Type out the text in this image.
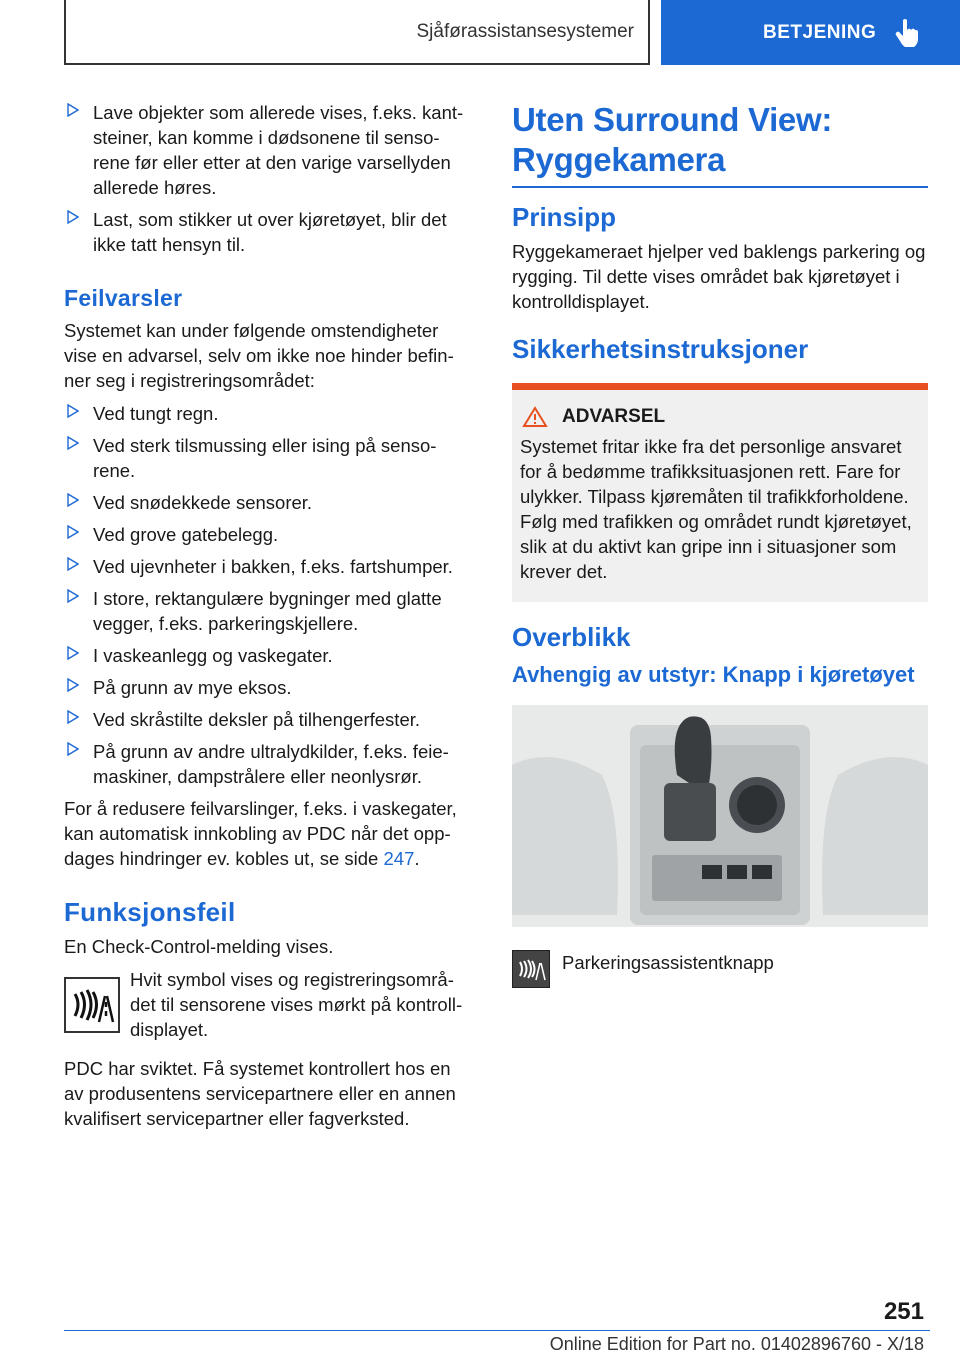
Sjåførassistansesystemer	BETJENING
Lave objekter som allerede vises, f.eks. kantsteiner, kan komme i dødsonene til sensorene før eller etter at den varige varsellyden allerede høres.
Last, som stikker ut over kjøretøyet, blir det ikke tatt hensyn til.
Feilvarsler

Systemet kan under følgende omstendigheter vise en advarsel, selv om ikke noe hinder befinner seg i registreringsområdet:

Ved tungt regn.
Ved sterk tilsmussing eller ising på sensorene.
Ved snødekkede sensorer.
Ved grove gatebelegg.
Ved ujevnheter i bakken, f.eks. fartshumper.
I store, rektangulære bygninger med glatte vegger, f.eks. parkeringskjellere.
I vaskeanlegg og vaskegater.
På grunn av mye eksos.
Ved skråstilte deksler på tilhengerfester.
På grunn av andre ultralydkilder, f.eks. feiemaskiner, dampstrålere eller neonlysrør.

For å redusere feilvarslinger, f.eks. i vaskegater, kan automatisk innkobling av PDC når det oppdages hindringer ev. kobles ut, se side 247.

Funksjonsfeil

En Check-Control-melding vises.

Hvit symbol vises og registreringsområdet til sensorene vises mørkt på kontrolldisplayet.

PDC har sviktet. Få systemet kontrollert hos en av produsentens servicepartnere eller en annen kvalifisert servicepartner eller fagverksted.

Uten Surround View: Ryggekamera
Prinsipp

Ryggekameraet hjelper ved baklengs parkering og rygging. Til dette vises området bak kjøretøyet i kontrolldisplayet.

Sikkerhetsinstruksjoner
ADVARSEL

Systemet fritar ikke fra det personlige ansvaret for å bedømme trafikksituasjonen rett. Fare for ulykker. Tilpass kjøremåten til trafikkforholdene. Følg med trafikken og området rundt kjøretøyet, slik at du aktivt kan gripe inn i situasjoner som krever det.

Overblikk
Avhengig av utstyr: Knapp i kjøretøyet

Parkeringsassistentknapp

251
Online Edition for Part no. 01402896760 - X/18
